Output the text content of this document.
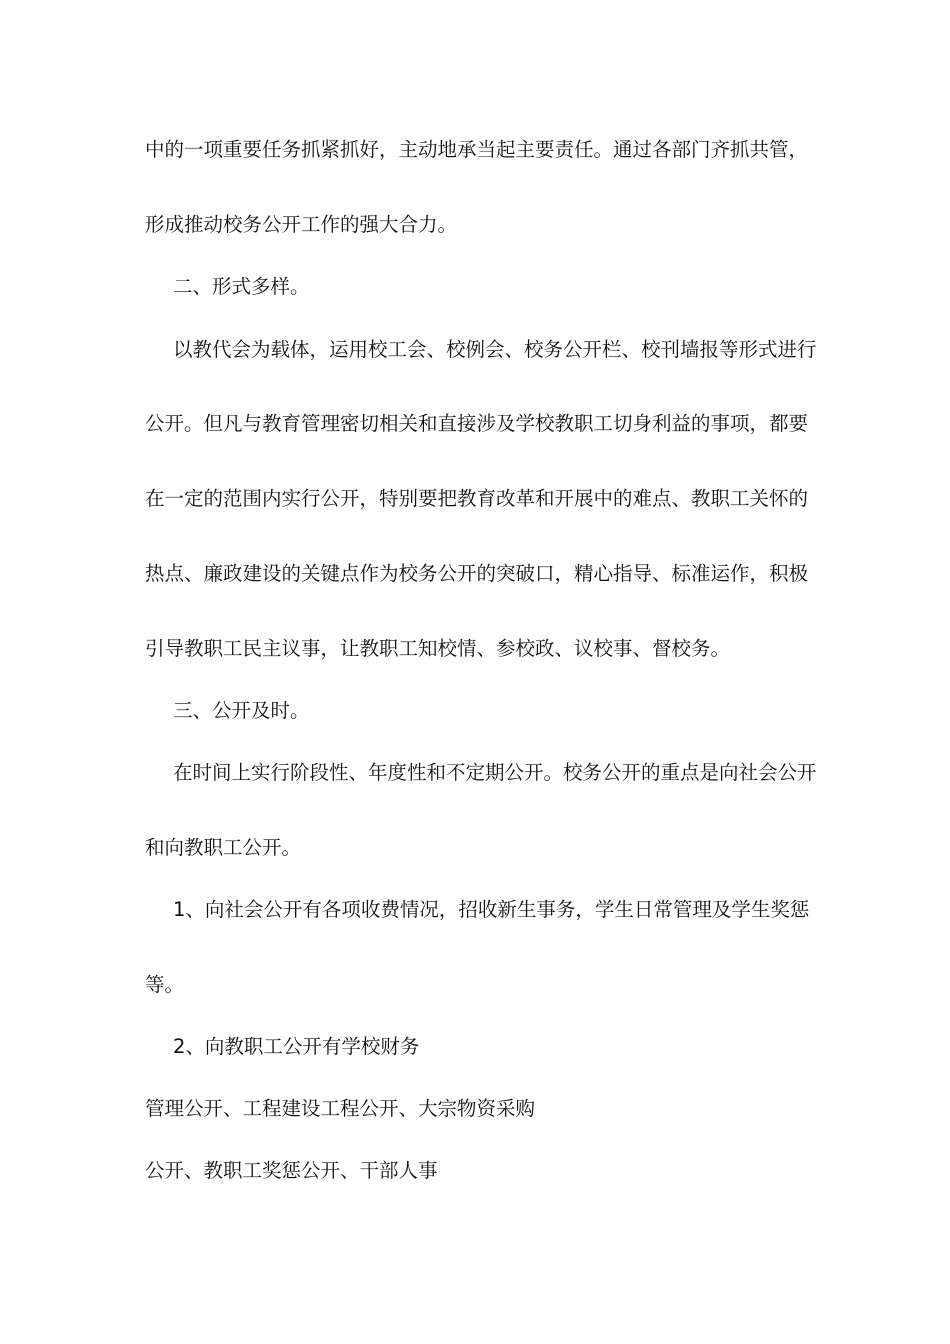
中的一项重要任务抓紧抓好，主动地承当起主要责任。通过各部门齐抓共管，
形成推动校务公开工作的强大合力。
二、形式多样。
以教代会为载体，运用校工会、校例会、校务公开栏、校刊墙报等形式进行
公开。但凡与教育管理密切相关和直接涉及学校教职工切身利益的事项，都要
在一定的范围内实行公开，特别要把教育改革和开展中的难点、教职工关怀的
热点、廉政建设的关键点作为校务公开的突破口，精心指导、标准运作，积极
引导教职工民主议事，让教职工知校情、参校政、议校事、督校务。
三、公开及时。
在时间上实行阶段性、年度性和不定期公开。校务公开的重点是向社会公开
和向教职工公开。
1、向社会公开有各项收费情况，招收新生事务，学生日常管理及学生奖惩
等。
2、向教职工公开有学校财务
管理公开、工程建设工程公开、大宗物资采购
公开、教职工奖惩公开、干部人事
